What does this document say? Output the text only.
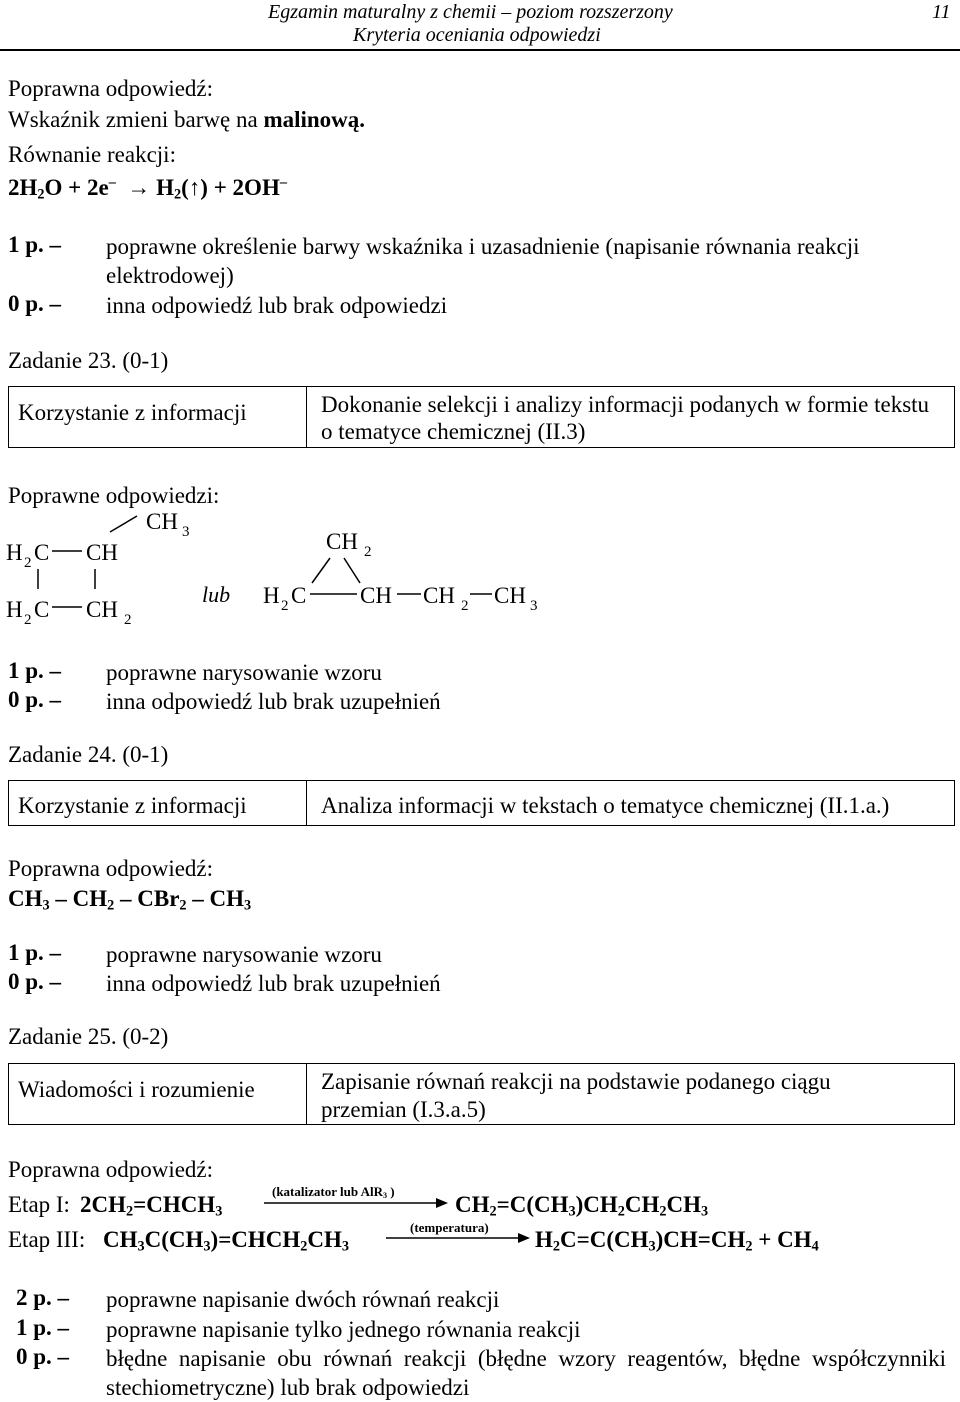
Egzamin maturalny z chemii – poziom rozszerzony
Kryteria oceniania odpowiedzi
11
Poprawna odpowiedź:
Wskaźnik zmieni barwę na malinową.
Równanie reakcji:
$2H_2O + 2e^-$  → $H_2(↑) + 2OH^-$
1 p. – poprawne określenie barwy wskaźnika i uzasadnienie (napisanie równania reakcji elektrodowej)
0 p. – inna odpowiedź lub brak odpowiedzi
Zadanie 23. (0-1)
Korzystanie z informacji	Dokonanie selekcji i analizy informacji podanych w formie tekstu o tematyce chemicznej (II.3)
Poprawne odpowiedzi:
CH 3
H 2 C CH
H 2 C CH 2
lub
CH 2
H 2 C CH CH 2 CH 3
1 p. – poprawne narysowanie wzoru
0 p. – inna odpowiedź lub brak uzupełnień
Zadanie 24. (0-1)
Korzystanie z informacji	Analiza informacji w tekstach o tematyce chemicznej (II.1.a.)
Poprawna odpowiedź:
$CH_3 - CH_2 - CBr_2 - CH_3$
1 p. – poprawne narysowanie wzoru
0 p. – inna odpowiedź lub brak uzupełnień
Zadanie 25. (0-2)
Wiadomości i rozumienie	Zapisanie równań reakcji na podstawie podanego ciągu przemian (I.3.a.5)
Poprawna odpowiedź:
Etap I: $2CH_2=CHCH_3$
(katalizator lub AlR$_3$ )
$CH_2=C(CH_3)CH_2CH_2CH_3$
Etap III: $CH_3C(CH_3)=CHCH_2CH_3$
(temperatura) $H_2C=C(CH_3)CH=CH_2 + CH_4$
2 p. – poprawne napisanie dwóch równań reakcji
1 p. – poprawne napisanie tylko jednego równania reakcji
0 p. – błędne napisanie obu równań reakcji (błędne wzory reagentów, błędne współczynniki stechiometryczne) lub brak odpowiedzi
